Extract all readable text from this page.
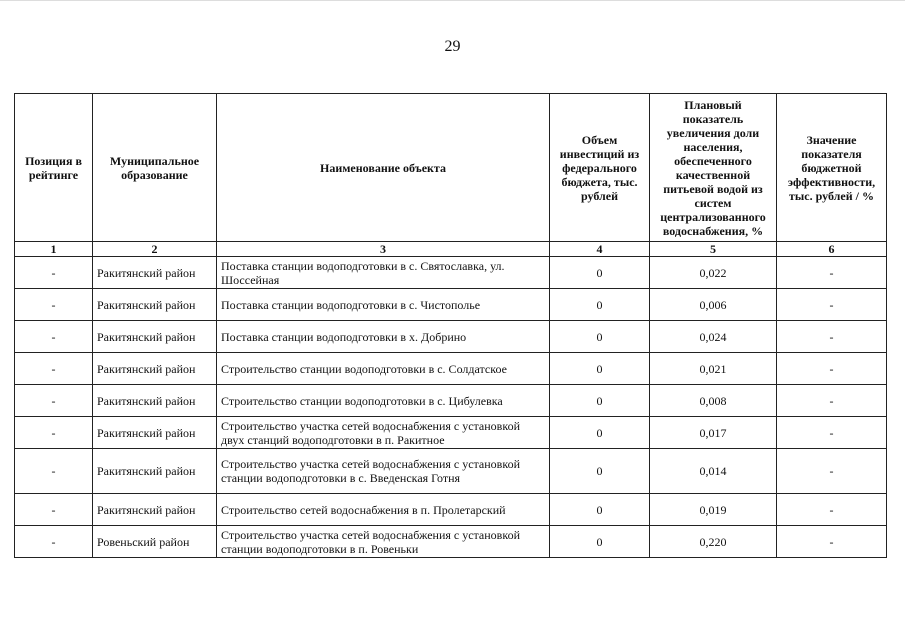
29
Позиция в рейтинге	Муниципальное образование	Наименование объекта	Объем инвестиций из федерального бюджета, тыс. рублей	Плановый показатель увеличения доли населения, обеспеченного качественной питьевой водой из систем централизованного водоснабжения, %	Значение показателя бюджетной эффективности, тыс. рублей / %
1	2	3	4	5	6
-	Ракитянский район	Поставка станции водоподготовки в с. Святославка, ул. Шоссейная	0	0,022	-
-	Ракитянский район	Поставка станции водоподготовки в с. Чистополье	0	0,006	-
-	Ракитянский район	Поставка станции водоподготовки в х. Добрино	0	0,024	-
-	Ракитянский район	Строительство станции водоподготовки в с. Солдатское	0	0,021	-
-	Ракитянский район	Строительство станции водоподготовки в с. Цибулевка	0	0,008	-
-	Ракитянский район	Строительство участка сетей водоснабжения с установкой двух станций водоподготовки в п. Ракитное	0	0,017	-
-	Ракитянский район	Строительство участка сетей водоснабжения с установкой станции водоподготовки в с. Введенская Готня	0	0,014	-
-	Ракитянский район	Строительство сетей водоснабжения в п. Пролетарский	0	0,019	-
-	Ровеньский район	Строительство участка сетей водоснабжения с установкой станции водоподготовки в п. Ровеньки	0	0,220	-
